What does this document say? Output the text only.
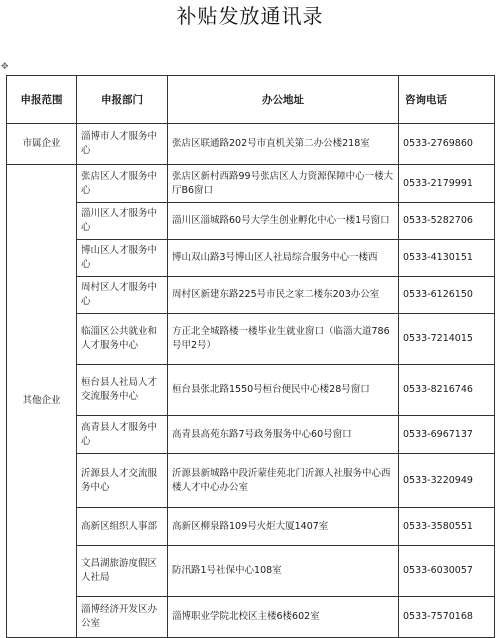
补贴发放通讯录
✥
申报范围	申报部门	办公地址	咨询电话
市属企业	淄博市人才服务中心	张店区联通路202号市直机关第二办公楼218室	0533-2769860
其他企业	张店区人才服务中心	张店区新村西路99号张店区人力资源保障中心一楼大厅B6窗口	0533-2179991
	淄川区人才服务中心	淄川区淄城路60号大学生创业孵化中心一楼1号窗口	0533-5282706
	博山区人才服务中心	博山双山路3号博山区人社局综合服务中心一楼西	0533-4130151
	周村区人才服务中心	周村区新建东路225号市民之家二楼东203办公室	0533-6126150
	临淄区公共就业和人才服务中心	方正北全城路楼一楼毕业生就业窗口（临淄大道786号甲2号）	0533-7214015
	桓台县人社局人才交流服务中心	桓台县张北路1550号桓台便民中心楼28号窗口	0533-8216746
	高青县人才服务中心	高青县高苑东路7号政务服务中心60号窗口	0533-6967137
	沂源县人才交流服务中心	沂源县新城路中段沂蒙佳苑北门沂源人社服务中心西楼人才中心办公室	0533-3220949
	高新区组织人事部	高新区柳泉路109号火炬大厦1407室	0533-3580551
	文昌湖旅游度假区人社局	防汛路1号社保中心108室	0533-6030057
	淄博经济开发区办公室	淄博职业学院北校区主楼6楼602室	0533-7570168
